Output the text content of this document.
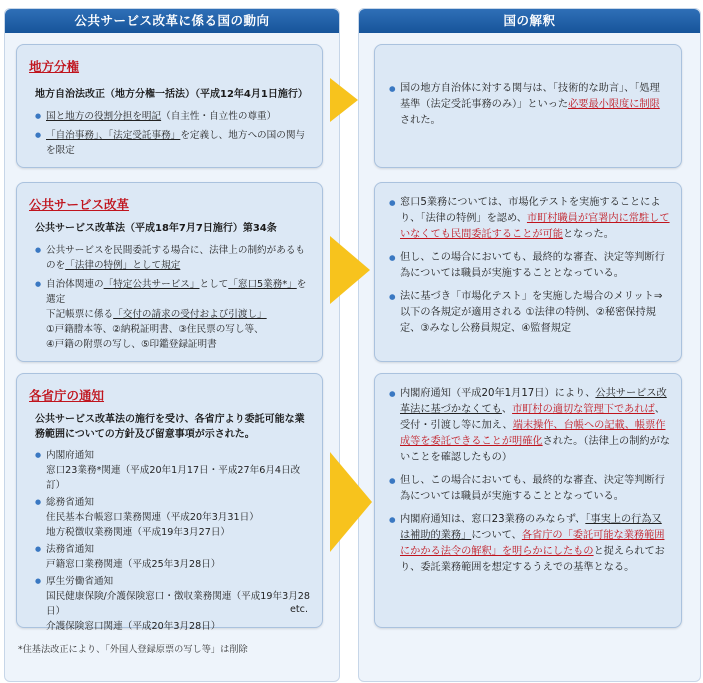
公共サービス改革に係る国の動向	国の解釈
地方分権
地方自治法改正（地方分権一括法）（平成12年4月1日施行）
● 国と地方の役割分担を明記（自主性・自立性の尊重）
● 「自治事務」、「法定受託事務」を定義し、地方への国の関与を限定
公共サービス改革
公共サービス改革法（平成18年7月7日施行）第34条
● 公共サービスを民間委託する場合に、法律上の制約があるものを「法律の特例」として規定
● 自治体関連の「特定公共サービス」として「窓口5業務*」を選定
下記帳票に係る「交付の請求の受付および引渡し」
①戸籍謄本等、②納税証明書、③住民票の写し等、
④戸籍の附票の写し、⑤印鑑登録証明書
各省庁の通知
公共サービス改革法の施行を受け、各省庁より委託可能な業務範囲についての方針及び留意事項が示された。
● 内閣府通知
窓口23業務*関連（平成20年1月17日・平成27年6月4日改訂）
● 総務省通知
住民基本台帳窓口業務関連（平成20年3月31日）
地方税徴収業務関連（平成19年3月27日）
● 法務省通知
戸籍窓口業務関連（平成25年3月28日）
● 厚生労働省通知
国民健康保険/介護保険窓口・徴収業務関連（平成19年3月28日）
介護保険窓口関連（平成20年3月28日）
etc.
*住基法改正により、「外国人登録原票の写し等」は削除
● 国の地方自治体に対する関与は、「技術的な助言」、「処理基準（法定受託事務のみ）」といった必要最小限度に制限された。
● 窓口5業務については、市場化テストを実施することにより、「法律の特例」を認め、市町村職員が官署内に常駐していなくても民間委託することが可能となった。
● 但し、この場合においても、最終的な審査、決定等判断行為については職員が実施することとなっている。
● 法に基づき「市場化テスト」を実施した場合のメリット⇒以下の各規定が適用される ①法律の特例、②秘密保持規定、③みなし公務員規定、④監督規定
● 内閣府通知（平成20年1月17日）により、公共サービス改革法に基づかなくても、市町村の適切な管理下であれば、受付・引渡し等に加え、端末操作、台帳への記載、帳票作成等を委託できることが明確化された。（法律上の制約がないことを確認したもの）
● 但し、この場合においても、最終的な審査、決定等判断行為については職員が実施することとなっている。
● 内閣府通知は、窓口23業務のみならず、「事実上の行為又は補助的業務」について、各省庁の「委託可能な業務範囲にかかる法令の解釈」を明らかにしたものと捉えられており、委託業務範囲を想定するうえでの基準となる。
